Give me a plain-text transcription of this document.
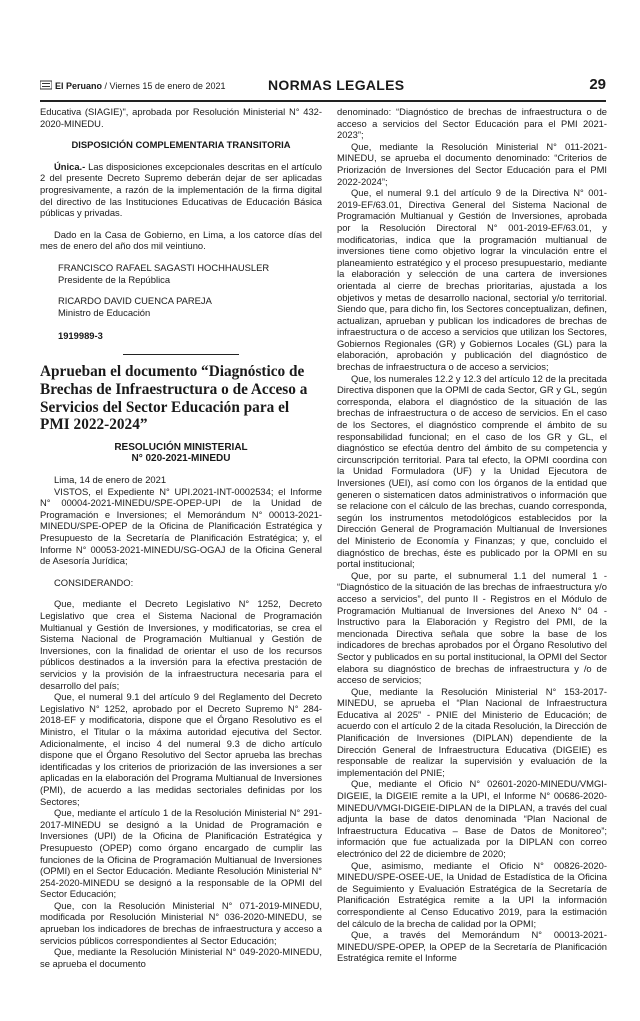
El Peruano / Viernes 15 de enero de 2021	NORMAS LEGALES	29

Educativa (SIAGIE)", aprobada por Resolución Ministerial N° 432-2020-MINEDU.

DISPOSICIÓN COMPLEMENTARIA TRANSITORIA

Única.- Las disposiciones excepcionales descritas en el artículo 2 del presente Decreto Supremo deberán dejar de ser aplicadas progresivamente, a razón de la implementación de la firma digital del directivo de las Instituciones Educativas de Educación Básica públicas y privadas.

Dado en la Casa de Gobierno, en Lima, a los catorce días del mes de enero del año dos mil veintiuno.

FRANCISCO RAFAEL SAGASTI HOCHHAUSLER

Presidente de la República

RICARDO DAVID CUENCA PAREJA

Ministro de Educación

1919989-3
Aprueban el documento “Diagnóstico de Brechas de Infraestructura o de Acceso a Servicios del Sector Educación para el PMI 2022-2024”
RESOLUCIÓN MINISTERIAL
N° 020-2021-MINEDU

Lima, 14 de enero de 2021

VISTOS, el Expediente N° UPI.2021-INT-0002534; el Informe N° 00004-2021-MINEDU/SPE-OPEP-UPI de la Unidad de Programación e Inversiones; el Memorándum N° 00013-2021-MINEDU/SPE-OPEP de la Oficina de Planificación Estratégica y Presupuesto de la Secretaría de Planificación Estratégica; y, el Informe N° 00053-2021-MINEDU/SG-OGAJ de la Oficina General de Asesoría Jurídica;

CONSIDERANDO:

Que, mediante el Decreto Legislativo N° 1252, Decreto Legislativo que crea el Sistema Nacional de Programación Multianual y Gestión de Inversiones, y modificatorias, se crea el Sistema Nacional de Programación Multianual y Gestión de Inversiones, con la finalidad de orientar el uso de los recursos públicos destinados a la inversión para la efectiva prestación de servicios y la provisión de la infraestructura necesaria para el desarrollo del país;

Que, el numeral 9.1 del artículo 9 del Reglamento del Decreto Legislativo N° 1252, aprobado por el Decreto Supremo N° 284-2018-EF y modificatoria, dispone que el Órgano Resolutivo es el Ministro, el Titular o la máxima autoridad ejecutiva del Sector. Adicionalmente, el inciso 4 del numeral 9.3 de dicho artículo dispone que el Órgano Resolutivo del Sector aprueba las brechas identificadas y los criterios de priorización de las inversiones a ser aplicadas en la elaboración del Programa Multianual de Inversiones (PMI), de acuerdo a las medidas sectoriales definidas por los Sectores;

Que, mediante el artículo 1 de la Resolución Ministerial N° 291-2017-MINEDU se designó a la Unidad de Programación e Inversiones (UPI) de la Oficina de Planificación Estratégica y Presupuesto (OPEP) como órgano encargado de cumplir las funciones de la Oficina de Programación Multianual de Inversiones (OPMI) en el Sector Educación. Mediante Resolución Ministerial N° 254-2020-MINEDU se designó a la responsable de la OPMI del Sector Educación;

Que, con la Resolución Ministerial N° 071-2019-MINEDU, modificada por Resolución Ministerial N° 036-2020-MINEDU, se aprueban los indicadores de brechas de infraestructura y acceso a servicios públicos correspondientes al Sector Educación;

Que, mediante la Resolución Ministerial N° 049-2020-MINEDU, se aprueba el documento

denominado: “Diagnóstico de brechas de infraestructura o de acceso a servicios del Sector Educación para el PMI 2021-2023”;

Que, mediante la Resolución Ministerial N° 011-2021-MINEDU, se aprueba el documento denominado: “Criterios de Priorización de Inversiones del Sector Educación para el PMI 2022-2024”;

Que, el numeral 9.1 del artículo 9 de la Directiva N° 001-2019-EF/63.01, Directiva General del Sistema Nacional de Programación Multianual y Gestión de Inversiones, aprobada por la Resolución Directoral N° 001-2019-EF/63.01, y modificatorias, indica que la programación multianual de inversiones tiene como objetivo lograr la vinculación entre el planeamiento estratégico y el proceso presupuestario, mediante la elaboración y selección de una cartera de inversiones orientada al cierre de brechas prioritarias, ajustada a los objetivos y metas de desarrollo nacional, sectorial y/o territorial. Siendo que, para dicho fin, los Sectores conceptualizan, definen, actualizan, aprueban y publican los indicadores de brechas de infraestructura o de acceso a servicios que utilizan los Sectores, Gobiernos Regionales (GR) y Gobiernos Locales (GL) para la elaboración, aprobación y publicación del diagnóstico de brechas de infraestructura o de acceso a servicios;

Que, los numerales 12.2 y 12.3 del artículo 12 de la precitada Directiva disponen que la OPMI de cada Sector, GR y GL, según corresponda, elabora el diagnóstico de la situación de las brechas de infraestructura o de acceso de servicios. En el caso de los Sectores, el diagnóstico comprende el ámbito de su responsabilidad funcional; en el caso de los GR y GL, el diagnóstico se efectúa dentro del ámbito de su competencia y circunscripción territorial. Para tal efecto, la OPMI coordina con la Unidad Formuladora (UF) y la Unidad Ejecutora de Inversiones (UEI), así como con los órganos de la entidad que generen o sistematicen datos administrativos o información que se relacione con el cálculo de las brechas, cuando corresponda, según los instrumentos metodológicos establecidos por la Dirección General de Programación Multianual de Inversiones del Ministerio de Economía y Finanzas; y que, concluido el diagnóstico de brechas, éste es publicado por la OPMI en su portal institucional;

Que, por su parte, el subnumeral 1.1 del numeral 1 - “Diagnóstico de la situación de las brechas de infraestructura y/o acceso a servicios”, del punto II - Registros en el Módulo de Programación Multianual de Inversiones del Anexo N° 04 - Instructivo para la Elaboración y Registro del PMI, de la mencionada Directiva señala que sobre la base de los indicadores de brechas aprobados por el Órgano Resolutivo del Sector y publicados en su portal institucional, la OPMI del Sector elabora su diagnóstico de brechas de infraestructura y /o de acceso de servicios;

Que, mediante la Resolución Ministerial N° 153-2017-MINEDU, se aprueba el “Plan Nacional de Infraestructura Educativa al 2025” - PNIE del Ministerio de Educación; de acuerdo con el artículo 2 de la citada Resolución, la Dirección de Planificación de Inversiones (DIPLAN) dependiente de la Dirección General de Infraestructura Educativa (DIGEIE) es responsable de realizar la supervisión y evaluación de la implementación del PNIE;

Que, mediante el Oficio N° 02601-2020-MINEDU/VMGI-DIGEIE, la DIGEIE remite a la UPI, el Informe N° 00686-2020-MINEDU/VMGI-DIGEIE-DIPLAN de la DIPLAN, a través del cual adjunta la base de datos denominada “Plan Nacional de Infraestructura Educativa – Base de Datos de Monitoreo”; información que fue actualizada por la DIPLAN con correo electrónico del 22 de diciembre de 2020;

Que, asimismo, mediante el Oficio N° 00826-2020-MINEDU/SPE-OSEE-UE, la Unidad de Estadística de la Oficina de Seguimiento y Evaluación Estratégica de la Secretaría de Planificación Estratégica remite a la UPI la información correspondiente al Censo Educativo 2019, para la estimación del cálculo de la brecha de calidad por la OPMI;

Que, a través del Memorándum N° 00013-2021-MINEDU/SPE-OPEP, la OPEP de la Secretaría de Planificación Estratégica remite el Informe
